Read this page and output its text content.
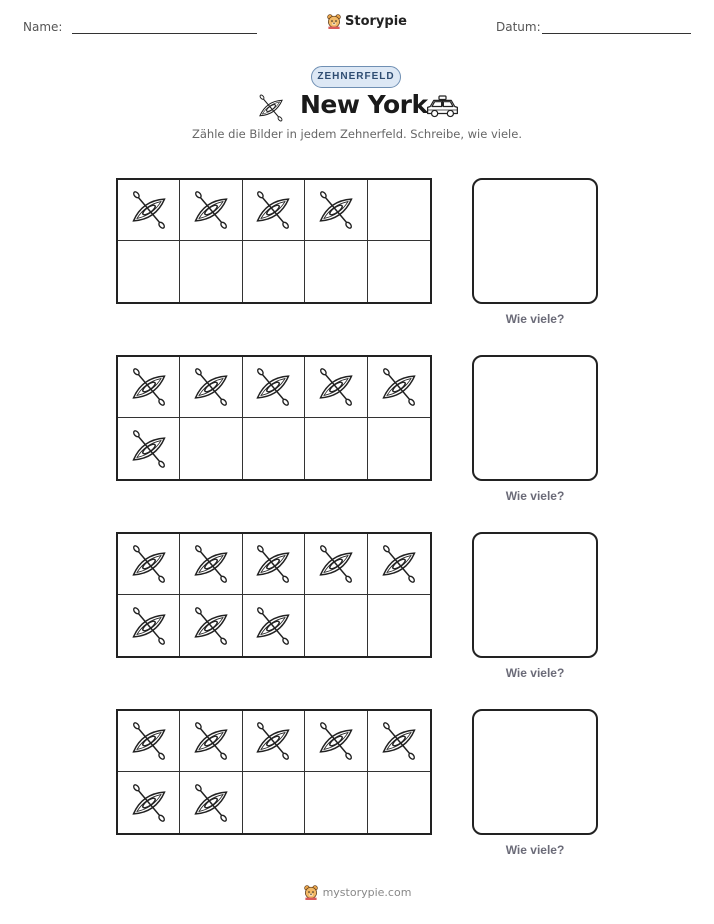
Name:	Storypie	Datum:
ZEHNERFELD
New York
Zähle die Bilder in jedem Zehnerfeld. Schreibe, wie viele.
Wie viele?
Wie viele?
Wie viele?
Wie viele?
mystorypie.com
